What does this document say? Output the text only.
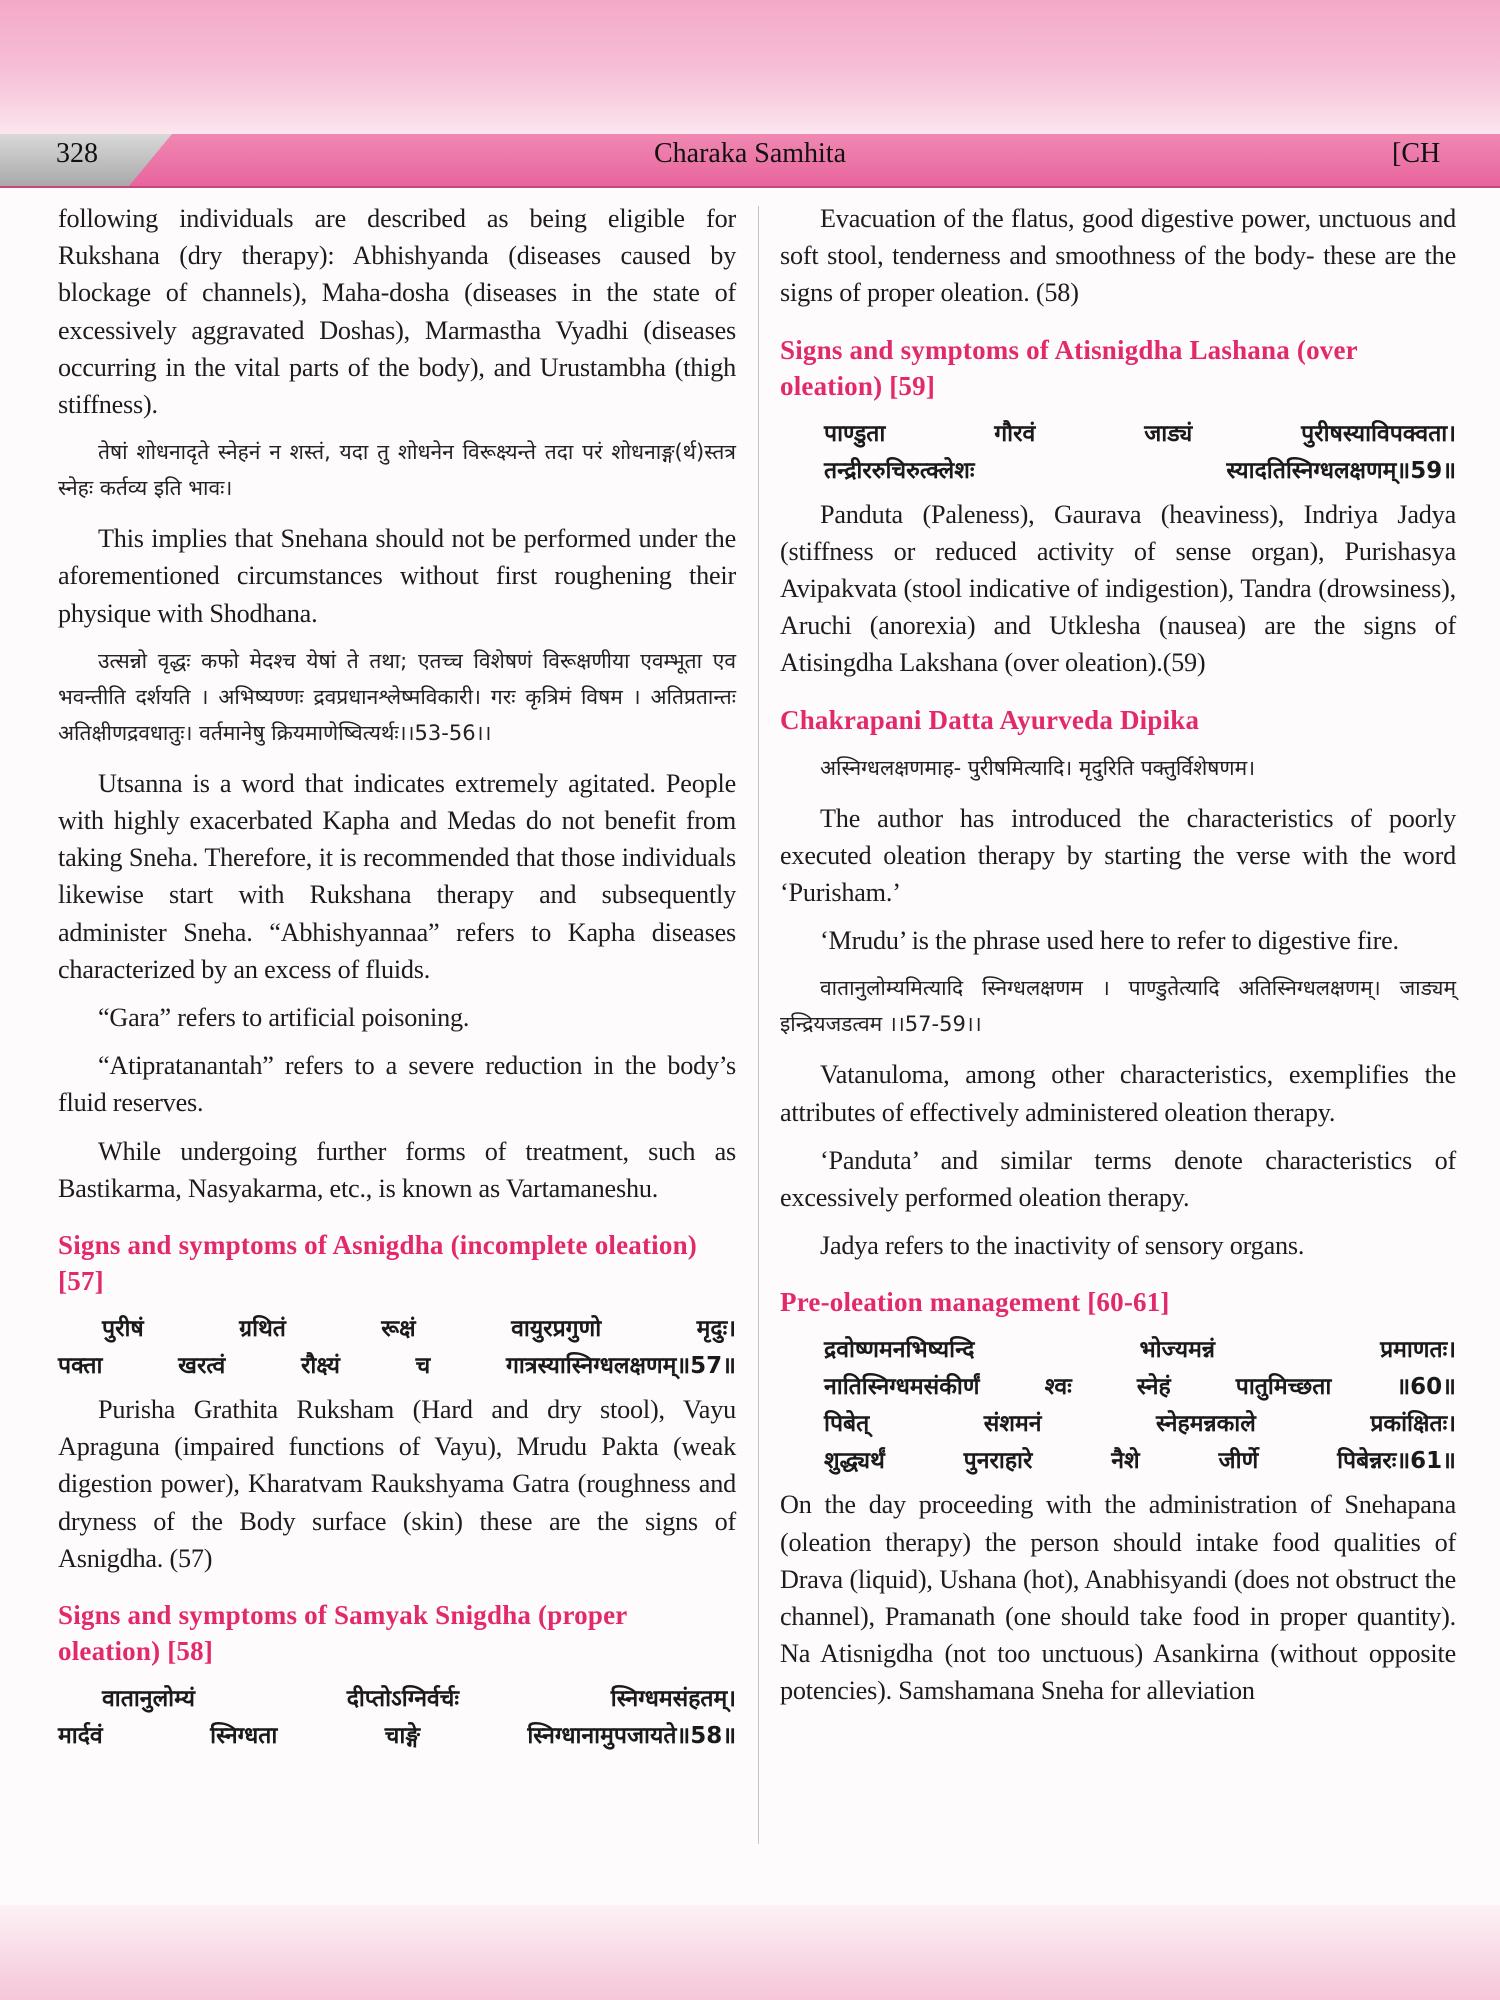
328	Charaka Samhita	[CH

following individuals are described as being eligible for Rukshana (dry therapy): Abhishyanda (diseases caused by blockage of channels), Maha-dosha (diseases in the state of excessively aggravated Doshas), Marmastha Vyadhi (diseases occurring in the vital parts of the body), and Urustambha (thigh stiffness).

तेषां शोधनादृते स्नेहनं न शस्तं, यदा तु शोधनेन विरूक्ष्यन्ते तदा परं शोधनाङ्ग(र्थ)स्तत्र स्नेहः कर्तव्य इति भावः।

This implies that Snehana should not be performed under the aforementioned circumstances without first roughening their physique with Shodhana.

उत्सन्नो वृद्धः कफो मेदश्च येषां ते तथा; एतच्च विशेषणं विरूक्षणीया एवम्भूता एव भवन्तीति दर्शयति । अभिष्यण्णः द्रवप्रधानश्लेष्मविकारी। गरः कृत्रिमं विषम । अतिप्रतान्तः अतिक्षीणद्रवधातुः। वर्तमानेषु क्रियमाणेष्वित्यर्थः।।53-56।।

Utsanna is a word that indicates extremely agitated. People with highly exacerbated Kapha and Medas do not benefit from taking Sneha. Therefore, it is recommended that those individuals likewise start with Rukshana therapy and subsequently administer Sneha. “Abhishyannaa” refers to Kapha diseases characterized by an excess of fluids.

“Gara” refers to artificial poisoning.

“Atipratanantah” refers to a severe reduction in the body’s fluid reserves.

While undergoing further forms of treatment, such as Bastikarma, Nasyakarma, etc., is known as Vartamaneshu.

Signs and symptoms of Asnigdha (incomplete oleation) [57]
पुरीषं	ग्रथितं	रूक्षं	वायुरप्रगुणो	मृदुः।
पक्ता	खरत्वं	रौक्ष्यं	च	गात्रस्यास्निग्धलक्षणम्॥57॥

Purisha Grathita Ruksham (Hard and dry stool), Vayu Apraguna (impaired functions of Vayu), Mrudu Pakta (weak digestion power), Kharatvam Raukshyama Gatra (roughness and dryness of the Body surface (skin) these are the signs of Asnigdha. (57)

Signs and symptoms of Samyak Snigdha (proper oleation) [58]
वातानुलोम्यं	दीप्तोऽग्निर्वर्चः	स्निग्धमसंहतम्।
मार्दवं	स्निग्धता	चाङ्गे	स्निग्धानामुपजायते॥58॥

Evacuation of the flatus, good digestive power, unctuous and soft stool, tenderness and smoothness of the body- these are the signs of proper oleation. (58)

Signs and symptoms of Atisnigdha Lashana (over oleation) [59]
पाण्डुता	गौरवं	जाड्यं	पुरीषस्याविपक्वता।
तन्द्रीररुचिरुत्क्लेशः	स्यादतिस्निग्धलक्षणम्॥59॥

Panduta (Paleness), Gaurava (heaviness), Indriya Jadya (stiffness or reduced activity of sense organ), Purishasya Avipakvata (stool indicative of indigestion), Tandra (drowsiness), Aruchi (anorexia) and Utklesha (nausea) are the signs of Atisingdha Lakshana (over oleation).(59)

Chakrapani Datta Ayurveda Dipika

अस्निग्धलक्षणमाह- पुरीषमित्यादि। मृदुरिति पक्तुर्विशेषणम।

The author has introduced the characteristics of poorly executed oleation therapy by starting the verse with the word ‘Purisham.’

‘Mrudu’ is the phrase used here to refer to digestive fire.

वातानुलोम्यमित्यादि स्निग्धलक्षणम । पाण्डुतेत्यादि अतिस्निग्धलक्षणम्। जाड्यम् इन्द्रियजडत्वम ।।57-59।।

Vatanuloma, among other characteristics, exemplifies the attributes of effectively administered oleation therapy.

‘Panduta’ and similar terms denote characteristics of excessively performed oleation therapy.

Jadya refers to the inactivity of sensory organs.

Pre-oleation management [60-61]
द्रवोष्णमनभिष्यन्दि	भोज्यमन्नं	प्रमाणतः।
नातिस्निग्धमसंकीर्णं	श्वः	स्नेहं	पातुमिच्छता	॥60॥
पिबेत्	संशमनं	स्नेहमन्नकाले	प्रकांक्षितः।
शुद्ध्यर्थं	पुनराहारे	नैशे	जीर्णे	पिबेन्नरः॥61॥

On the day proceeding with the administration of Snehapana (oleation therapy) the person should intake food qualities of Drava (liquid), Ushana (hot), Anabhisyandi (does not obstruct the channel), Pramanath (one should take food in proper quantity). Na Atisnigdha (not too unctuous) Asankirna (without opposite potencies). Samshamana Sneha for alleviation
